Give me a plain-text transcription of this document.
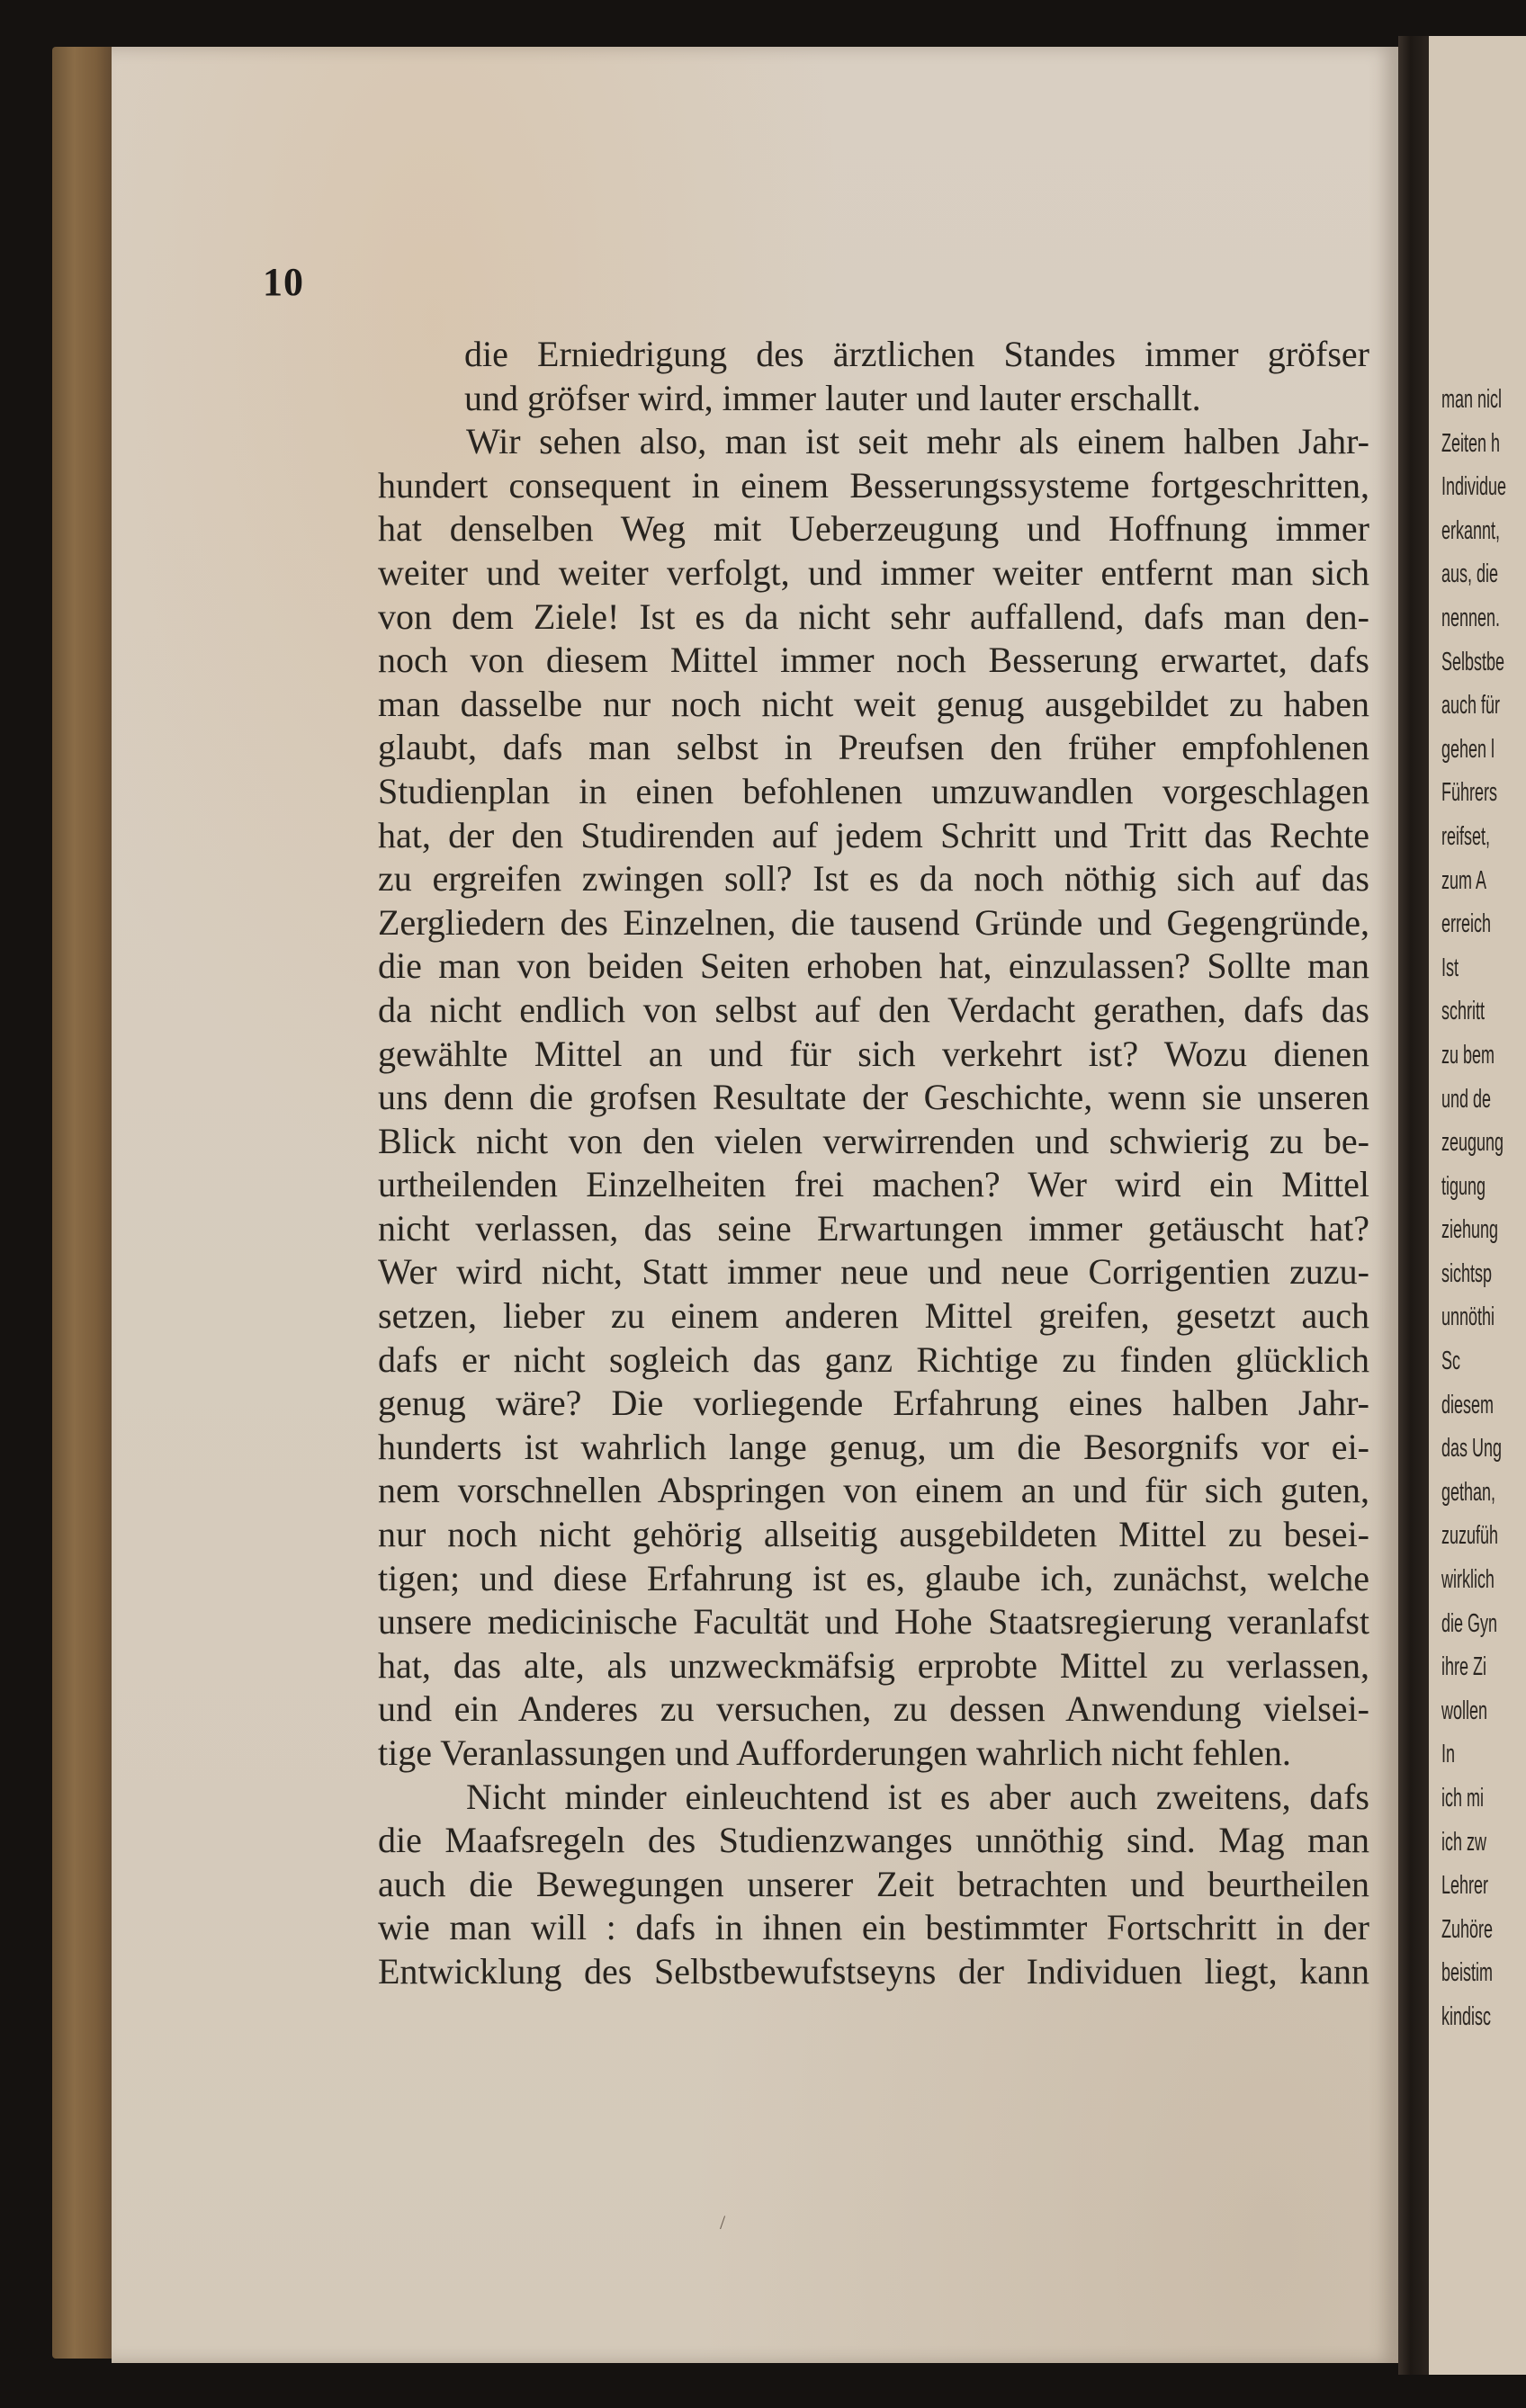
10
die Erniedrigung des ärztlichen Standes immer gröfser
und gröfser wird, immer lauter und lauter erschallt.
Wir sehen also, man ist seit mehr als einem halben Jahr-
hundert consequent in einem Besserungssysteme fortgeschritten,
hat denselben Weg mit Ueberzeugung und Hoffnung immer
weiter und weiter verfolgt, und immer weiter entfernt man sich
von dem Ziele! Ist es da nicht sehr auffallend, dafs man den-
noch von diesem Mittel immer noch Besserung erwartet, dafs
man dasselbe nur noch nicht weit genug ausgebildet zu haben
glaubt, dafs man selbst in Preufsen den früher empfohlenen
Studienplan in einen befohlenen umzuwandlen vorgeschlagen
hat, der den Studirenden auf jedem Schritt und Tritt das Rechte
zu ergreifen zwingen soll? Ist es da noch nöthig sich auf das
Zergliedern des Einzelnen, die tausend Gründe und Gegengründe,
die man von beiden Seiten erhoben hat, einzulassen? Sollte man
da nicht endlich von selbst auf den Verdacht gerathen, dafs das
gewählte Mittel an und für sich verkehrt ist? Wozu dienen
uns denn die grofsen Resultate der Geschichte, wenn sie unseren
Blick nicht von den vielen verwirrenden und schwierig zu be-
urtheilenden Einzelheiten frei machen? Wer wird ein Mittel
nicht verlassen, das seine Erwartungen immer getäuscht hat?
Wer wird nicht, Statt immer neue und neue Corrigentien zuzu-
setzen, lieber zu einem anderen Mittel greifen, gesetzt auch
dafs er nicht sogleich das ganz Richtige zu finden glücklich
genug wäre? Die vorliegende Erfahrung eines halben Jahr-
hunderts ist wahrlich lange genug, um die Besorgnifs vor ei-
nem vorschnellen Abspringen von einem an und für sich guten,
nur noch nicht gehörig allseitig ausgebildeten Mittel zu besei-
tigen; und diese Erfahrung ist es, glaube ich, zunächst, welche
unsere medicinische Facultät und Hohe Staatsregierung veranlafst
hat, das alte, als unzweckmäfsig erprobte Mittel zu verlassen,
und ein Anderes zu versuchen, zu dessen Anwendung vielsei-
tige Veranlassungen und Aufforderungen wahrlich nicht fehlen.
Nicht minder einleuchtend ist es aber auch zweitens, dafs
die Maafsregeln des Studienzwanges unnöthig sind. Mag man
auch die Bewegungen unserer Zeit betrachten und beurtheilen
wie man will : dafs in ihnen ein bestimmter Fortschritt in der
Entwicklung des Selbstbewufstseyns der Individuen liegt, kann
/
man nicl
Zeiten h
Individue
erkannt,
aus, die
nennen.
Selbstbe
auch für
gehen l
Führers
reifset,
zum A
erreich
Ist
schritt
zu bem
und de
zeugung
tigung
ziehung
sichtsp
unnöthi
Sc
diesem
das Ung
gethan,
zuzufüh
wirklich
die Gyn
ihre Zi
wollen
In
ich mi
ich zw
Lehrer
Zuhöre
beistim
kindisc
